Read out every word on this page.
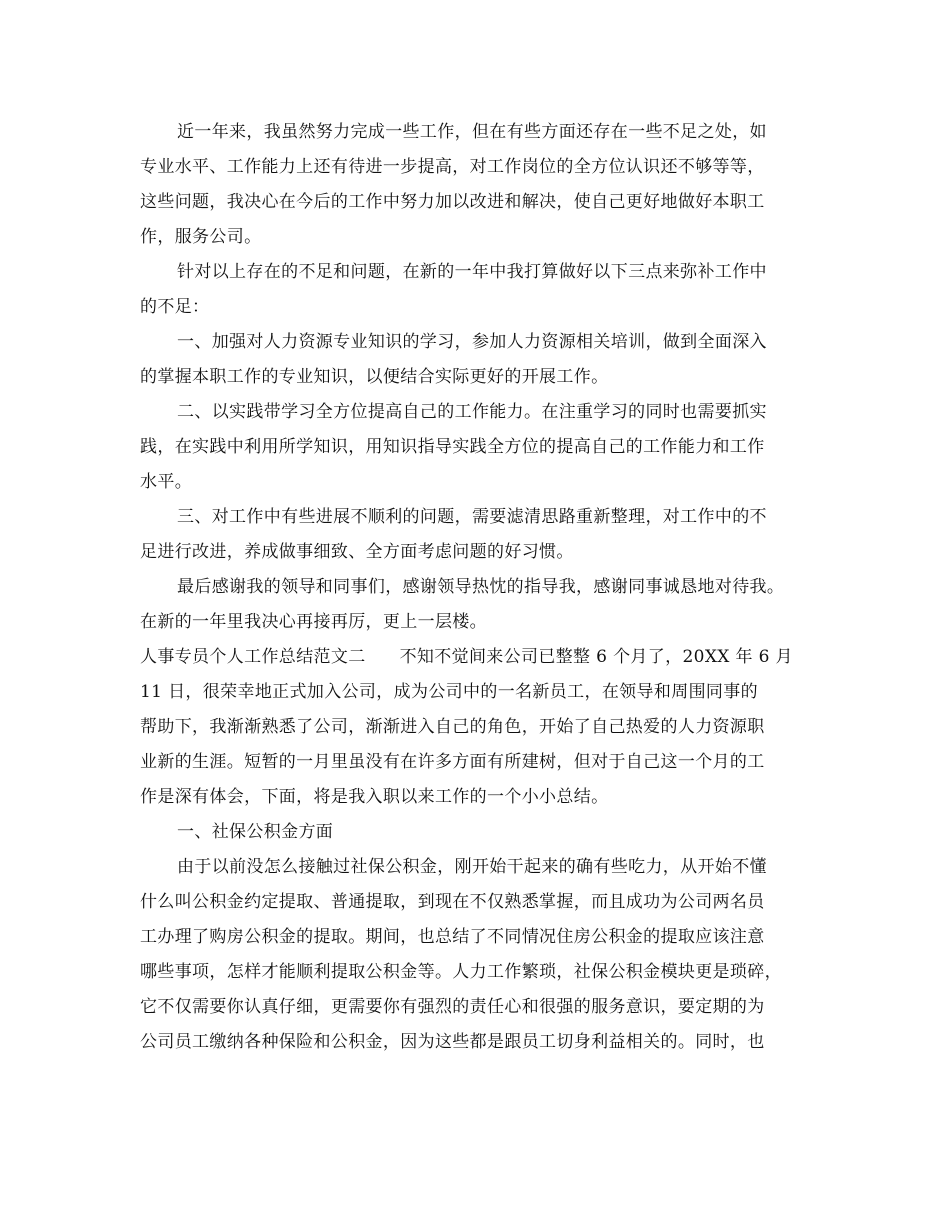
近一年来，我虽然努力完成一些工作，但在有些方面还存在一些不足之处，如
专业水平、工作能力上还有待进一步提高，对工作岗位的全方位认识还不够等等，
这些问题，我决心在今后的工作中努力加以改进和解决，使自己更好地做好本职工
作，服务公司。
针对以上存在的不足和问题，在新的一年中我打算做好以下三点来弥补工作中
的不足：
一、加强对人力资源专业知识的学习，参加人力资源相关培训，做到全面深入
的掌握本职工作的专业知识，以便结合实际更好的开展工作。
二、以实践带学习全方位提高自己的工作能力。在注重学习的同时也需要抓实
践，在实践中利用所学知识，用知识指导实践全方位的提高自己的工作能力和工作
水平。
三、对工作中有些进展不顺利的问题，需要滤清思路重新整理，对工作中的不
足进行改进，养成做事细致、全方面考虑问题的好习惯。
最后感谢我的领导和同事们，感谢领导热忱的指导我，感谢同事诚恳地对待我。
在新的一年里我决心再接再厉，更上一层楼。
人事专员个人工作总结范文二 不知不觉间来公司已整整 6 个月了，20XX 年 6 月
11 日，很荣幸地正式加入公司，成为公司中的一名新员工，在领导和周围同事的
帮助下，我渐渐熟悉了公司，渐渐进入自己的角色，开始了自己热爱的人力资源职
业新的生涯。短暂的一月里虽没有在许多方面有所建树，但对于自己这一个月的工
作是深有体会，下面，将是我入职以来工作的一个小小总结。
一、社保公积金方面
由于以前没怎么接触过社保公积金，刚开始干起来的确有些吃力，从开始不懂
什么叫公积金约定提取、普通提取，到现在不仅熟悉掌握，而且成功为公司两名员
工办理了购房公积金的提取。期间，也总结了不同情况住房公积金的提取应该注意
哪些事项，怎样才能顺利提取公积金等。人力工作繁琐，社保公积金模块更是琐碎，
它不仅需要你认真仔细，更需要你有强烈的责任心和很强的服务意识，要定期的为
公司员工缴纳各种保险和公积金，因为这些都是跟员工切身利益相关的。同时，也
